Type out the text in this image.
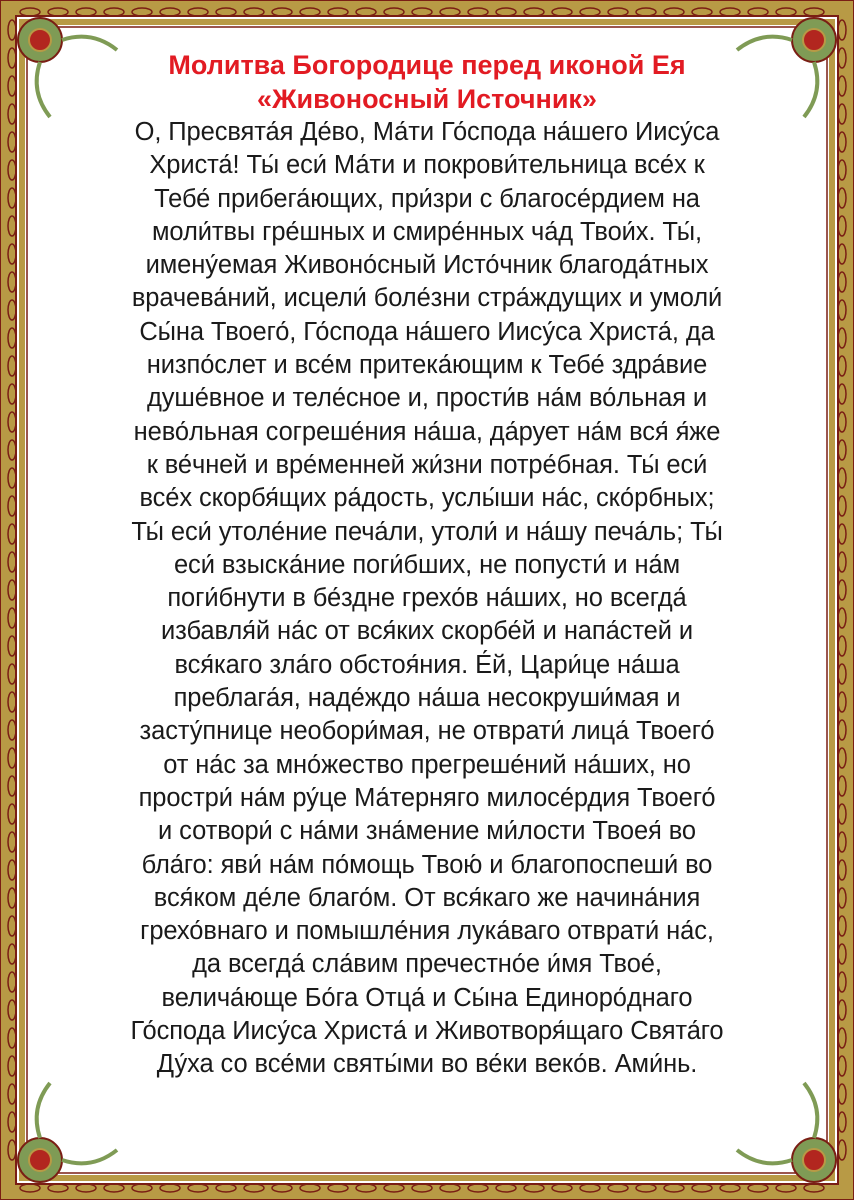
Молитва Богородице перед иконой Ея
«Живоносный Источник»

О, Пресвята́я Де́во, Ма́ти Го́спода на́шего Иису́са
Христа́! Ты́ еси́ Ма́ти и покрови́тельница все́х к
Тебе́ прибега́ющих, при́зри с благосе́рдием на
моли́твы гре́шных и смире́нных ча́д Твои́х. Ты́,
имену́емая Живоно́сный Исто́чник благода́тных
врачева́ний, исцели́ боле́зни стра́ждущих и умоли́
Сы́на Твоего́, Го́спода на́шего Иису́са Христа́, да
низпо́слет и все́м притека́ющим к Тебе́ здра́вие
душе́вное и теле́сное и, прости́в на́м во́льная и
нево́льная согреше́ния на́ша, да́рует на́м вся́ я́же
к ве́чней и вре́менней жи́зни потре́бная. Ты́ еси́
все́х скорбя́щих ра́дость, услы́ши на́с, ско́рбных;
Ты́ еси́ утоле́ние печа́ли, утоли́ и на́шу печа́ль; Ты́
еси́ взыска́ние поги́бших, не попусти́ и на́м
поги́бнути в бе́здне грехо́в на́ших, но всегда́
избавля́й на́с от вся́ких скорбе́й и напа́стей и
вся́каго зла́го обстоя́ния. Е́й, Цари́це на́ша
преблага́я, наде́ждо на́ша несокруши́мая и
засту́пнице необори́мая, не отврати́ лица́ Твоего́
от на́с за мно́жество прегреше́ний на́ших, но
простри́ на́м ру́це Ма́терняго милосе́рдия Твоего́
и сотвори́ с на́ми зна́мение ми́лости Твоея́ во
бла́го: яви́ на́м по́мощь Твою́ и благопоспеши́ во
вся́ком де́ле благо́м. От вся́каго же начина́ния
грехо́внаго и помышле́ния лука́ваго отврати́ на́с,
да всегда́ сла́вим пречестно́е и́мя Твое́,
велича́юще Бо́га Отца́ и Сы́на Единоро́днаго
Го́спода Иису́са Христа́ и Животворя́щаго Свята́го
Ду́ха со все́ми святы́ми во ве́ки веко́в. Ами́нь.
